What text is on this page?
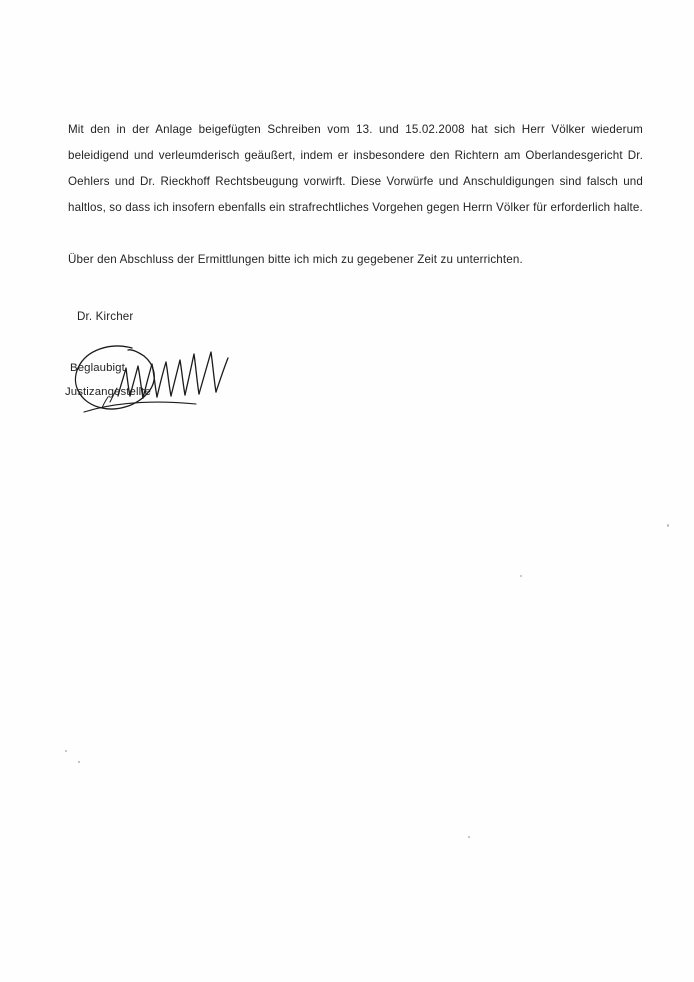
Mit den in der Anlage beigefügten Schreiben vom 13. und 15.02.2008 hat sich Herr Völker wiederum beleidigend und verleumderisch geäußert, indem er insbesondere den Richtern am Oberlandesgericht Dr. Oehlers und Dr. Rieckhoff Rechtsbeugung vorwirft. Diese Vorwürfe und Anschuldigungen sind falsch und haltlos, so dass ich insofern ebenfalls ein strafrechtliches Vorgehen gegen Herrn Völker für erforderlich halte.

Über den Abschluss der Ermittlungen bitte ich mich zu gegebener Zeit zu unterrichten.

Dr. Kircher
Beglaubigt
Justizangestellte
